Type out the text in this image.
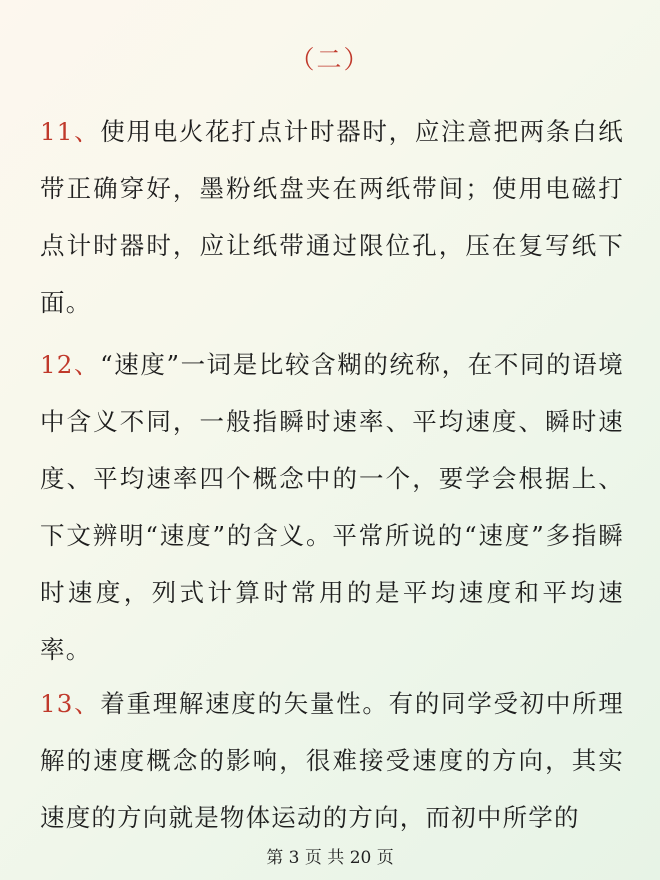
（二）
11、使用电火花打点计时器时，应注意把两条白纸带正确穿好，墨粉纸盘夹在两纸带间；使用电磁打点计时器时，应让纸带通过限位孔，压在复写纸下面。
12、“速度”一词是比较含糊的统称，在不同的语境中含义不同，一般指瞬时速率、平均速度、瞬时速度、平均速率四个概念中的一个，要学会根据上、下文辨明“速度”的含义。平常所说的“速度”多指瞬时速度，列式计算时常用的是平均速度和平均速率。
13、着重理解速度的矢量性。有的同学受初中所理解的速度概念的影响，很难接受速度的方向，其实速度的方向就是物体运动的方向，而初中所学的
第 3 页 共 20 页
